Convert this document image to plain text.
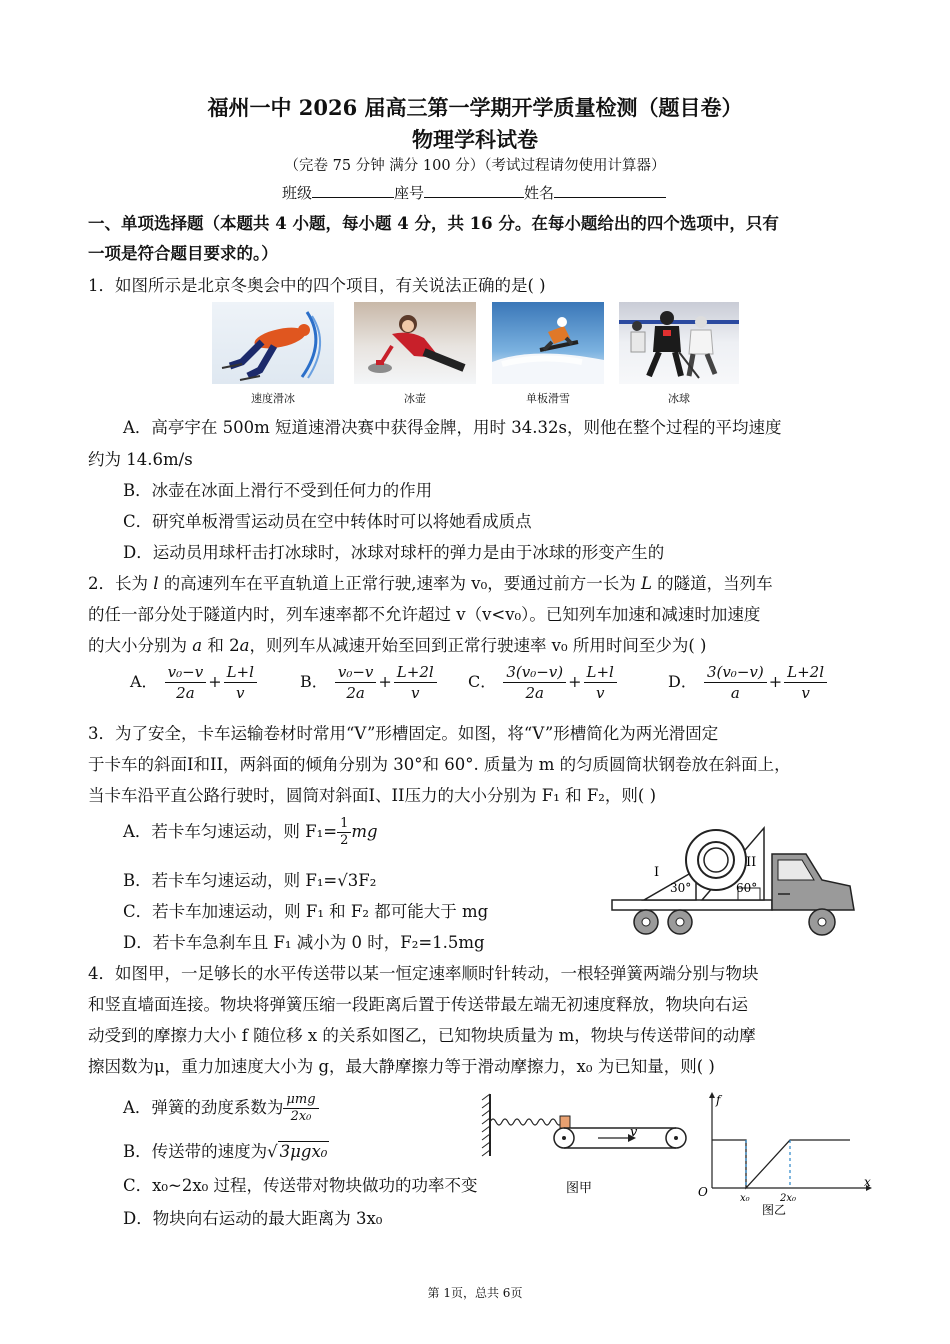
福州一中 2026 届高三第一学期开学质量检测（题目卷）
物理学科试卷
（完卷 75 分钟 满分 100 分）（考试过程请勿使用计算器）
班级	座号	姓名
一、单项选择题（本题共 4 小题，每小题 4 分，共 16 分。在每小题给出的四个选项中，只有
一项是符合题目要求的。）
1．如图所示是北京冬奥会中的四个项目，有关说法正确的是( )
速度滑冰	冰壶	单板滑雪	冰球
A．高亭宇在 500m 短道速滑决赛中获得金牌，用时 34.32s，则他在整个过程的平均速度
约为 14.6m/s
B．冰壶在冰面上滑行不受到任何力的作用
C．研究单板滑雪运动员在空中转体时可以将她看成质点
D．运动员用球杆击打冰球时，冰球对球杆的弹力是由于冰球的形变产生的
2．长为 l 的高速列车在平直轨道上正常行驶,速率为 v₀，要通过前方一长为 L 的隧道，当列车
的任一部分处于隧道内时，列车速率都不允许超过 v（v<v₀）。已知列车加速和减速时加速度
的大小分别为 a 和 2a，则列车从减速开始至回到正常行驶速率 v₀ 所用时间至少为( )
A． $\frac{\text{v₀−v}}{2a} + \frac{L+l}{v}$	B． $\frac{\text{v₀−v}}{2a} + \frac{L+2l}{v}$ C． $\frac{\text{3(v₀−v)}}{2a} + \frac{L+l}{v}$	D． $\frac{\text{3(v₀−v)}}{a} + \frac{L+2l}{v}$
3．为了安全，卡车运输卷材时常用“V”形槽固定。如图，将“V”形槽简化为两光滑固定
于卡车的斜面I和II，两斜面的倾角分别为 30°和 60°. 质量为 m 的匀质圆筒状钢卷放在斜面上，
当卡车沿平直公路行驶时，圆筒对斜面I、II压力的大小分别为 F₁ 和 F₂，则( )
A．若卡车匀速运动，则 $F_1= \frac{1}{2}$ mg
B．若卡车匀速运动，则 F₁=√3F₂
C．若卡车加速运动，则 F₁ 和 F₂ 都可能大于 mg
D．若卡车急刹车且 F₁ 减小为 0 时，F₂=1.5mg
I
II
30°	60°
4．如图甲，一足够长的水平传送带以某一恒定速率顺时针转动，一根轻弹簧两端分别与物块
和竖直墙面连接。物块将弹簧压缩一段距离后置于传送带最左端无初速度释放，物块向右运
动受到的摩擦力大小 f 随位移 x 的关系如图乙，已知物块质量为 m，物块与传送带间的动摩
擦因数为μ，重力加速度大小为 g，最大静摩擦力等于滑动摩擦力，x₀ 为已知量，则( )
A．弹簧的劲度系数为 $\frac{\text{μmg}}{\text{2x₀}}$
B．传送带的速度为√ 3μgx₀
C．x₀~2x₀ 过程，传送带对物块做功的功率不变
D．物块向右运动的最大距离为 3x₀
v
图甲
f
x
O	x₀	2x₀
图乙
第 1页，总共 6页
